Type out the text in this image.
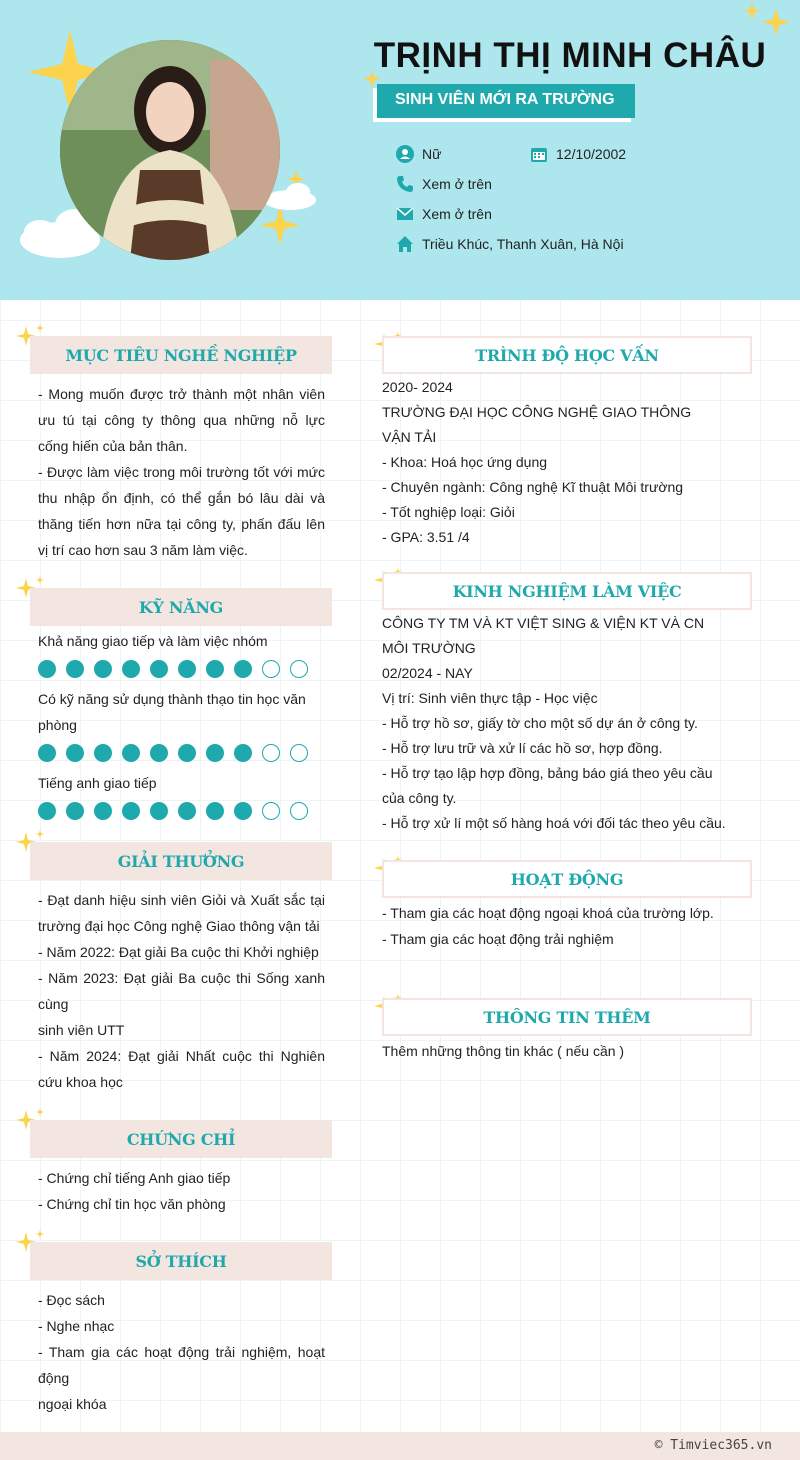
TRỊNH THỊ MINH CHÂU
SINH VIÊN MỚI RA TRƯỜNG
Nữ	12/10/2002
Xem ở trên
Xem ở trên
Triều Khúc, Thanh Xuân, Hà Nội
MỤC TIÊU NGHỀ NGHIỆP

- Mong muốn được trở thành một nhân viên ưu tú tại công ty thông qua những nỗ lực cống hiến của bản thân.

- Được làm việc trong môi trường tốt với mức thu nhập ổn định, có thể gắn bó lâu dài và thăng tiến hơn nữa tại công ty, phấn đấu lên vị trí cao hơn sau 3 năm làm việc.

KỸ NĂNG

Khả năng giao tiếp và làm việc nhóm

Có kỹ năng sử dụng thành thạo tin học văn phòng

Tiếng anh giao tiếp

GIẢI THƯỞNG

- Đạt danh hiệu sinh viên Giỏi và Xuất sắc tại trường đại học Công nghệ Giao thông vận tải

- Năm 2022: Đạt giải Ba cuộc thi Khởi nghiệp

- Năm 2023: Đạt giải Ba cuộc thi Sống xanh cùng

sinh viên UTT

- Năm 2024: Đạt giải Nhất cuộc thi Nghiên cứu khoa học

CHỨNG CHỈ

- Chứng chỉ tiếng Anh giao tiếp

- Chứng chỉ tin học văn phòng

SỞ THÍCH

- Đọc sách

- Nghe nhạc

- Tham gia các hoạt động trải nghiệm, hoạt động

ngoại khóa

TRÌNH ĐỘ HỌC VẤN

2020- 2024

TRƯỜNG ĐẠI HỌC CÔNG NGHỆ GIAO THÔNG VẬN TẢI

- Khoa: Hoá học ứng dụng

- Chuyên ngành: Công nghệ Kĩ thuật Môi trường

- Tốt nghiệp loại: Giỏi

- GPA: 3.51 /4

KINH NGHIỆM LÀM VIỆC

CÔNG TY TM VÀ KT VIỆT SING & VIỆN KT VÀ CN MÔI TRƯỜNG

02/2024 - NAY

Vị trí: Sinh viên thực tập - Học việc

- Hỗ trợ hồ sơ, giấy tờ cho một số dự án ở công ty.

- Hỗ trợ lưu trữ và xử lí các hồ sơ, hợp đồng.

- Hỗ trợ tạo lập hợp đồng, bảng báo giá theo yêu cầu của công ty.

- Hỗ trợ xử lí một số hàng hoá với đối tác theo yêu cầu.

HOẠT ĐỘNG

- Tham gia các hoạt động ngoại khoá của trường lớp.

- Tham gia các hoạt động trải nghiệm

THÔNG TIN THÊM

Thêm những thông tin khác ( nếu cần )

© Timviec365.vn
